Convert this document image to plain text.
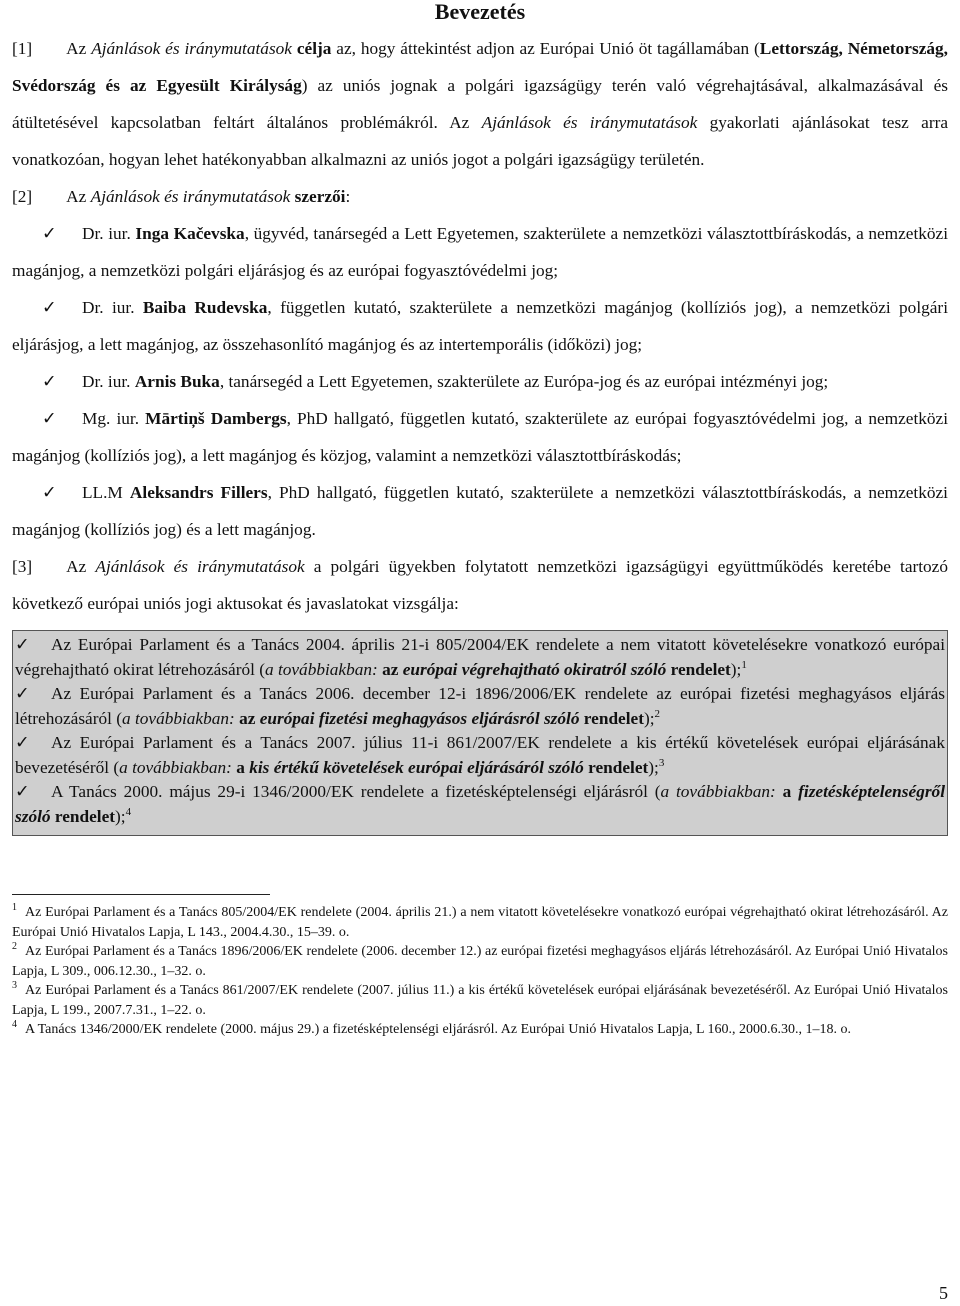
Bevezetés

[1] Az Ajánlások és iránymutatások célja az, hogy áttekintést adjon az Európai Unió öt tagállamában (Lettország, Németország, Svédország és az Egyesült Királyság) az uniós jognak a polgári igazságügy terén való végrehajtásával, alkalmazásával és átültetésével kapcsolatban feltárt általános problémákról. Az Ajánlások és iránymutatások gyakorlati ajánlásokat tesz arra vonatkozóan, hogyan lehet hatékonyabban alkalmazni az uniós jogot a polgári igazságügy területén.

[2] Az Ajánlások és iránymutatások szerzői:

✓ Dr. iur. Inga Kačevska, ügyvéd, tanársegéd a Lett Egyetemen, szakterülete a nemzetközi választottbíráskodás, a nemzetközi magánjog, a nemzetközi polgári eljárásjog és az európai fogyasztóvédelmi jog;

✓ Dr. iur. Baiba Rudevska, független kutató, szakterülete a nemzetközi magánjog (kollíziós jog), a nemzetközi polgári eljárásjog, a lett magánjog, az összehasonlító magánjog és az intertemporális (időközi) jog;

✓ Dr. iur. Arnis Buka, tanársegéd a Lett Egyetemen, szakterülete az Európa-jog és az európai intézményi jog;

✓ Mg. iur. Mārtiņš Dambergs, PhD hallgató, független kutató, szakterülete az európai fogyasztóvédelmi jog, a nemzetközi magánjog (kollíziós jog), a lett magánjog és közjog, valamint a nemzetközi választottbíráskodás;

✓ LL.M Aleksandrs Fillers, PhD hallgató, független kutató, szakterülete a nemzetközi választottbíráskodás, a nemzetközi magánjog (kollíziós jog) és a lett magánjog.

[3] Az Ajánlások és iránymutatások a polgári ügyekben folytatott nemzetközi igazságügyi együttműködés keretébe tartozó következő európai uniós jogi aktusokat és javaslatokat vizsgálja:

✓ Az Európai Parlament és a Tanács 2004. április 21-i 805/2004/EK rendelete a nem vitatott követelésekre vonatkozó európai végrehajtható okirat létrehozásáról (a továbbiakban: az európai végrehajtható okiratról szóló rendelet);$^1$

✓ Az Európai Parlament és a Tanács 2006. december 12-i 1896/2006/EK rendelete az európai fizetési meghagyásos eljárás létrehozásáról (a továbbiakban: az európai fizetési meghagyásos eljárásról szóló rendelet);$^2$

✓ Az Európai Parlament és a Tanács 2007. július 11-i 861/2007/EK rendelete a kis értékű követelések európai eljárásának bevezetéséről (a továbbiakban: a kis értékű követelések európai eljárásáról szóló rendelet);$^3$

✓ A Tanács 2000. május 29-i 1346/2000/EK rendelete a fizetésképtelenségi eljárásról (a továbbiakban: a fizetésképtelenségről szóló rendelet);$^4$

$^1$ Az Európai Parlament és a Tanács 805/2004/EK rendelete (2004. április 21.) a nem vitatott követelésekre vonatkozó európai végrehajtható okirat létrehozásáról. Az Európai Unió Hivatalos Lapja, L 143., 2004.4.30., 15–39. o.

$^2$ Az Európai Parlament és a Tanács 1896/2006/EK rendelete (2006. december 12.) az európai fizetési meghagyásos eljárás létrehozásáról. Az Európai Unió Hivatalos Lapja, L 309., 006.12.30., 1–32. o.

$^3$ Az Európai Parlament és a Tanács 861/2007/EK rendelete (2007. július 11.) a kis értékű követelések európai eljárásának bevezetéséről. Az Európai Unió Hivatalos Lapja, L 199., 2007.7.31., 1–22. o.

$^4$ A Tanács 1346/2000/EK rendelete (2000. május 29.) a fizetésképtelenségi eljárásról. Az Európai Unió Hivatalos Lapja, L 160., 2000.6.30., 1–18. o.

5
